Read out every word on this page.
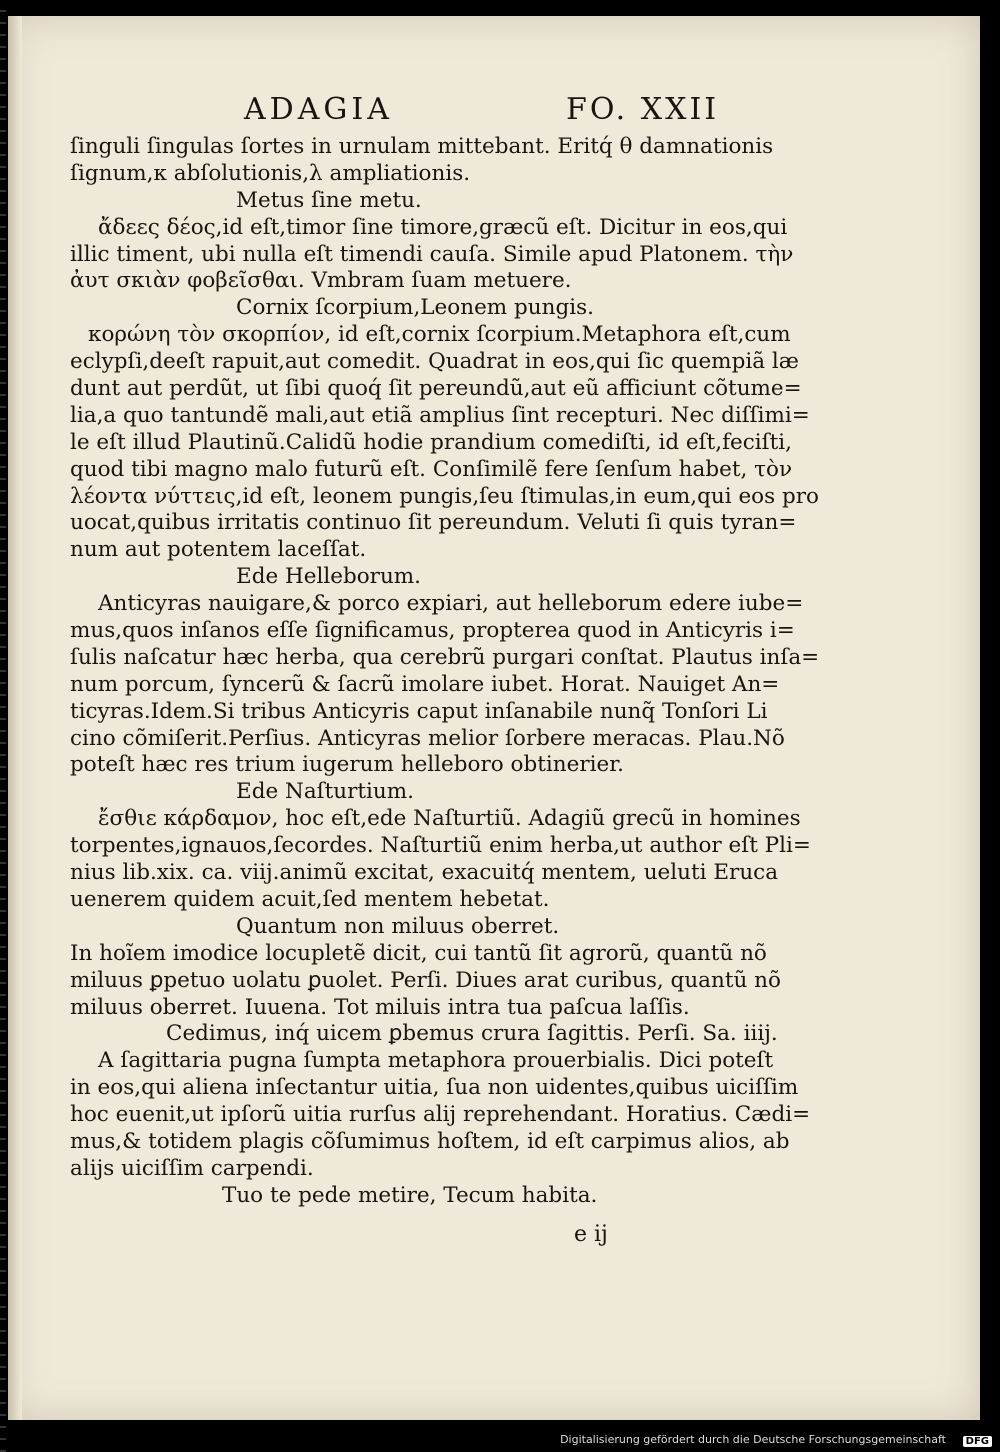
ADAGIA	FO. XXII
ſinguli ſingulas ſortes in urnulam mittebant. Eritq́ θ damnationis
ſignum,κ abſolutionis,λ ampliationis.
Metus ſine metu.
ἄδεες δέος,id eſt,timor ſine timore,græcũ eſt. Dicitur in eos,qui
illic timent, ubi nulla eſt timendi cauſa. Simile apud Platonem. τὴν
ἀυτ σκιὰν φοβεῖσθαι. Vmbram ſuam metuere.
Cornix ſcorpium,Leonem pungis.
κορώνη τὸν σκορπίον, id eſt,cornix ſcorpium.Metaphora eſt,cum
eclypſi,deeſt rapuit,aut comedit. Quadrat in eos,qui ſic quempiã læ
dunt aut perdũt, ut ſibi quoq́ ſit pereundũ,aut eũ afficiunt cõtume=
lia,a quo tantundẽ mali,aut etiã amplius ſint recepturi. Nec diſſimi=
le eſt illud Plautinũ.Calidũ hodie prandium comediſti, id eſt,feciſti,
quod tibi magno malo futurũ eſt. Conſimilẽ fere ſenſum habet, τὸν
λέοντα νύττεις,id eſt, leonem pungis,ſeu ſtimulas,in eum,qui eos pro
uocat,quibus irritatis continuo ſit pereundum. Veluti ſi quis tyran=
num aut potentem laceſſat.
Ede Helleborum.
Anticyras nauigare,& porco expiari, aut helleborum edere iube=
mus,quos inſanos eſſe ſignificamus, propterea quod in Anticyris i=
ſulis naſcatur hæc herba, qua cerebrũ purgari conſtat. Plautus inſa=
num porcum, ſyncerũ & ſacrũ imolare iubet. Horat. Nauiget An=
ticyras.Idem.Si tribus Anticyris caput inſanabile nunq̃ Tonſori Li
cino cõmiſerit.Perſius. Anticyras melior ſorbere meracas. Plau.Nõ
poteſt hæc res trium iugerum helleboro obtinerier.
Ede Naſturtium.
ἔσθιε κάρδαμον, hoc eſt,ede Naſturtiũ. Adagiũ grecũ in homines
torpentes,ignauos,ſecordes. Naſturtiũ enim herba,ut author eſt Pli=
nius lib.xix. ca. viij.animũ excitat, exacuitq́ mentem, ueluti Eruca
uenerem quidem acuit,ſed mentem hebetat.
Quantum non miluus oberret.
In hoĩem imodice locupletẽ dicit, cui tantũ ſit agrorũ, quantũ nõ
miluus ꝑpetuo uolatu ꝑuolet. Perſi. Diues arat curibus, quantũ nõ
miluus oberret. Iuuena. Tot miluis intra tua paſcua laſſis.
Cedimus, inq́ uicem ꝑbemus crura ſagittis. Perſi. Sa. iiij.
A ſagittaria pugna ſumpta metaphora prouerbialis. Dici poteſt
in eos,qui aliena inſectantur uitia, ſua non uidentes,quibus uiciſſim
hoc euenit,ut ipſorũ uitia rurſus alij reprehendant. Horatius. Cædi=
mus,& totidem plagis cõſumimus hoſtem, id eſt carpimus alios, ab
alijs uiciſſim carpendi.
Tuo te pede metire, Tecum habita.
e ij
Digitalisierung gefördert durch die Deutsche Forschungsgemeinschaft	DFG
